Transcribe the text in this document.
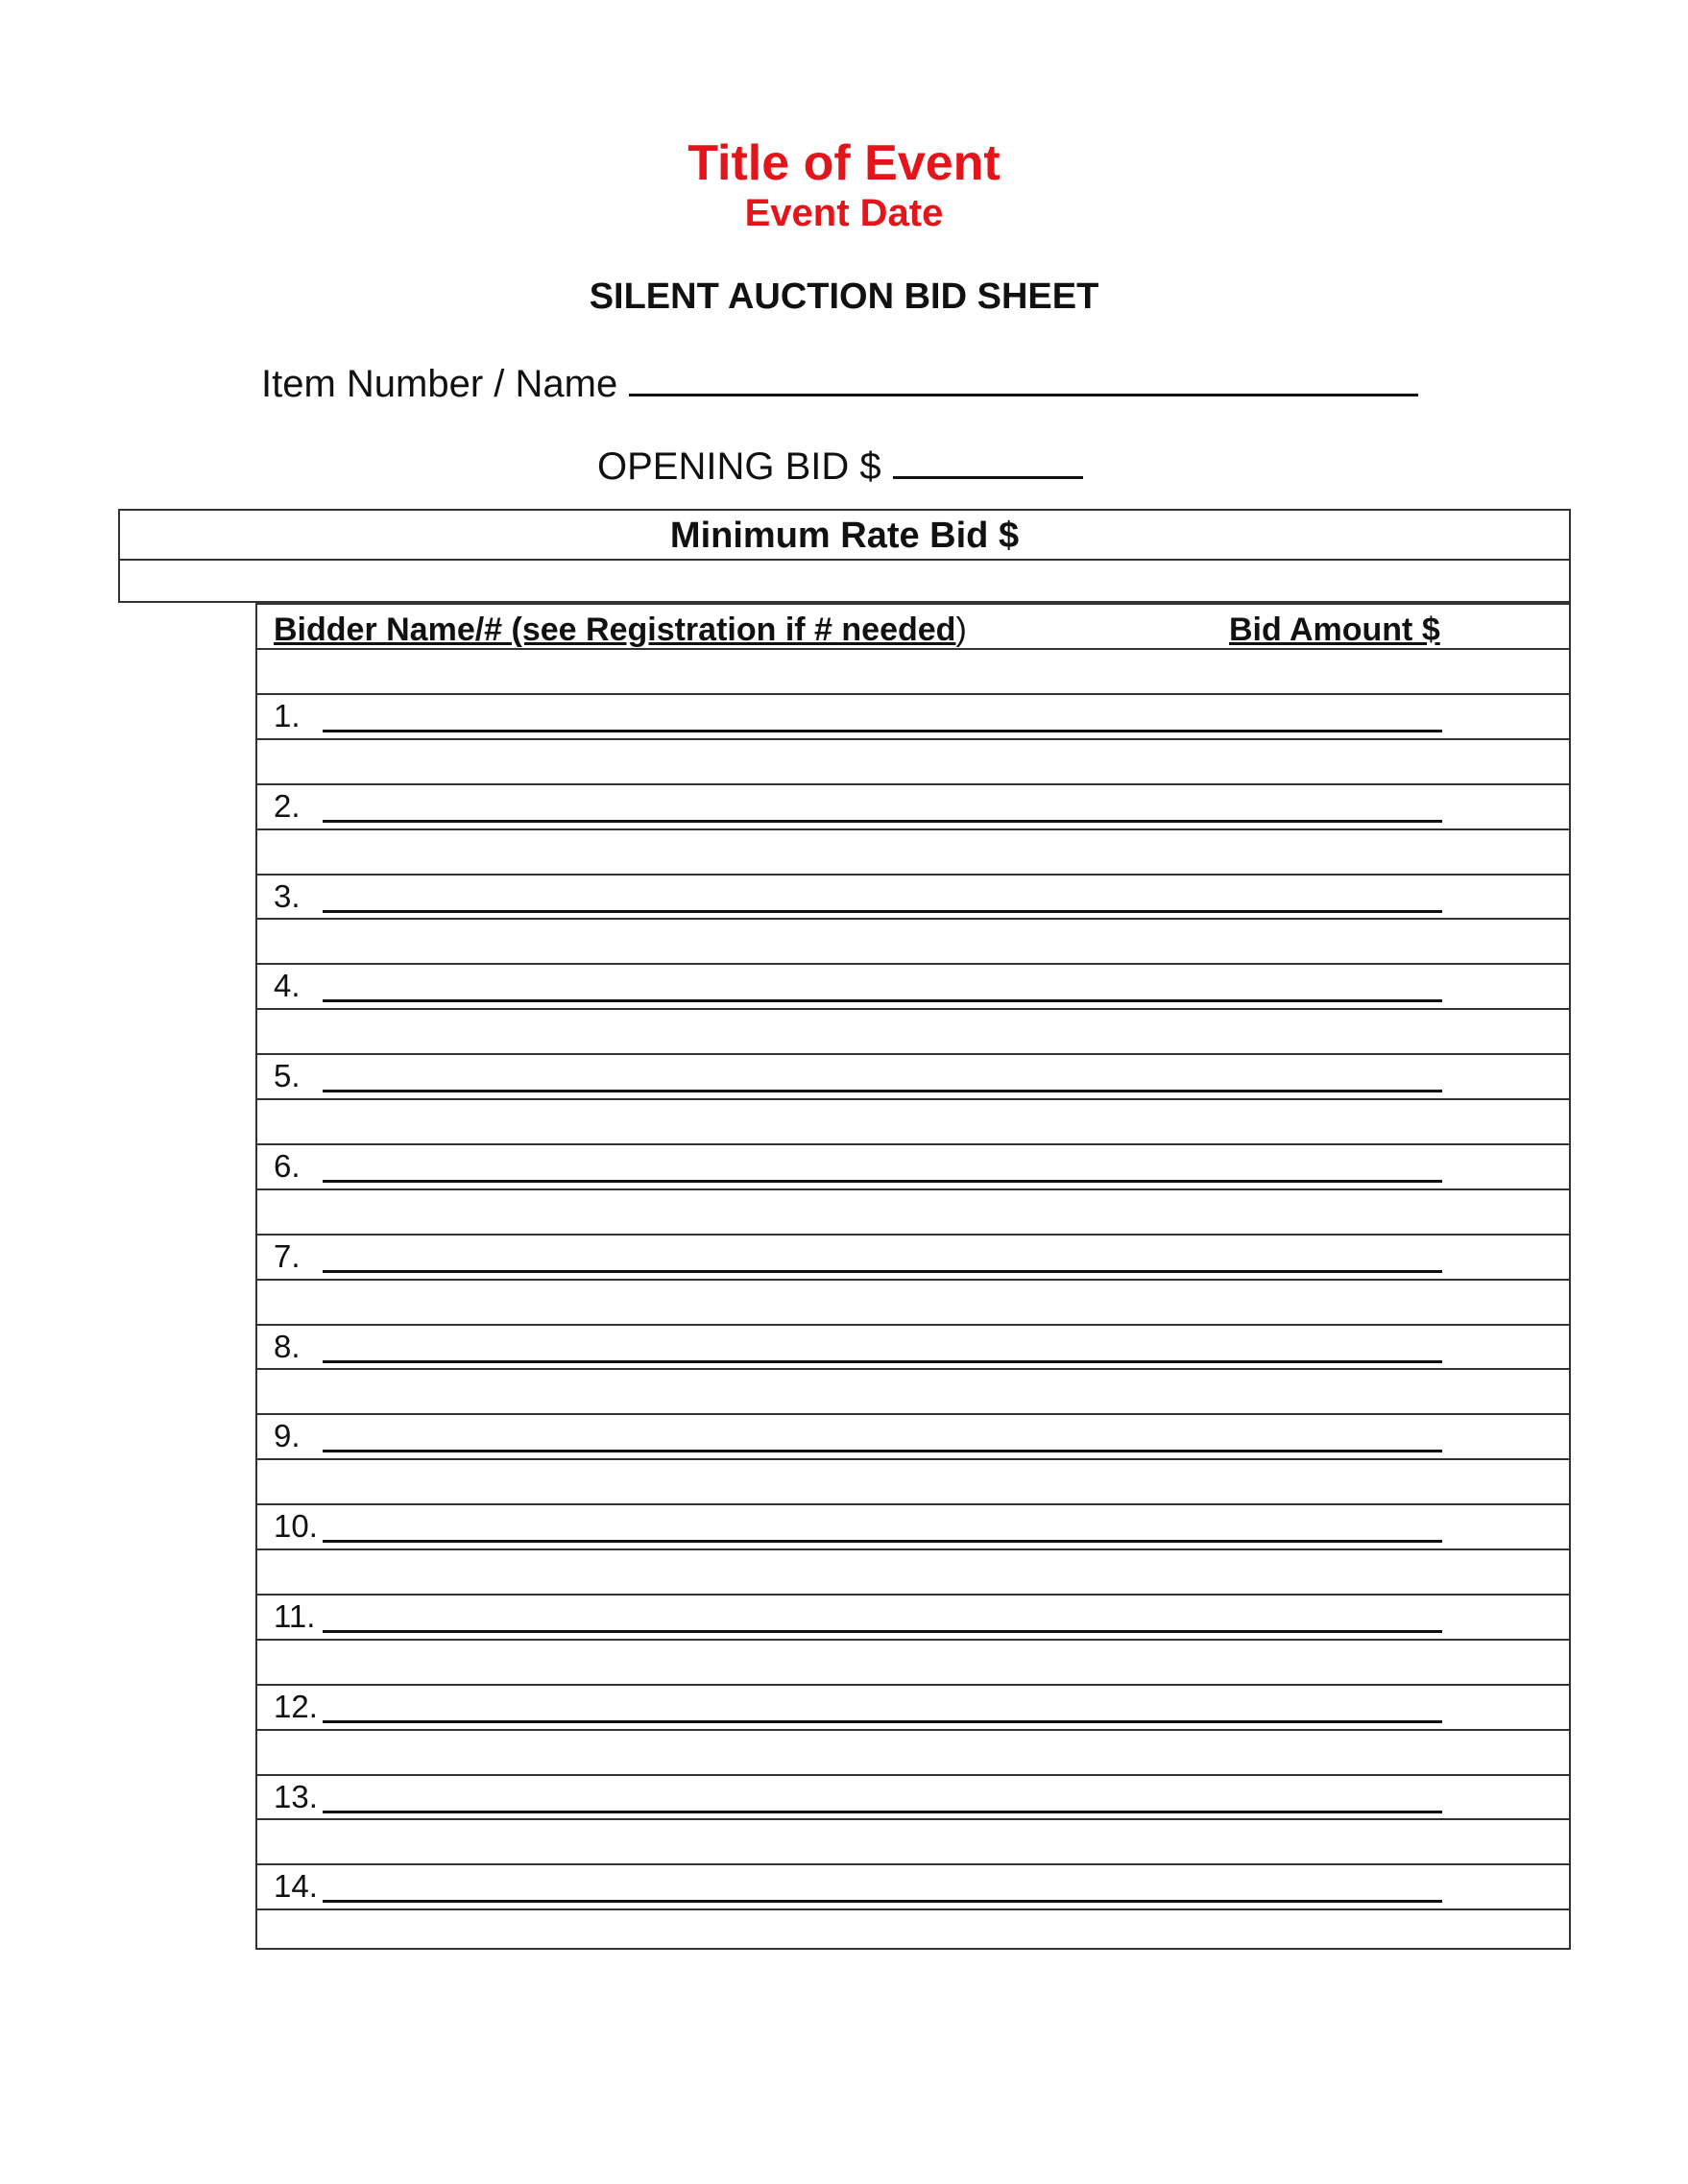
Title of Event
Event Date
SILENT AUCTION BID SHEET
Item Number / Name
OPENING BID $
Minimum Rate Bid $
Bidder Name/# (see Registration if # needed)	Bid Amount $
1.
2.
3.
4.
5.
6.
7.
8.
9.
10.
11.
12.
13.
14.
